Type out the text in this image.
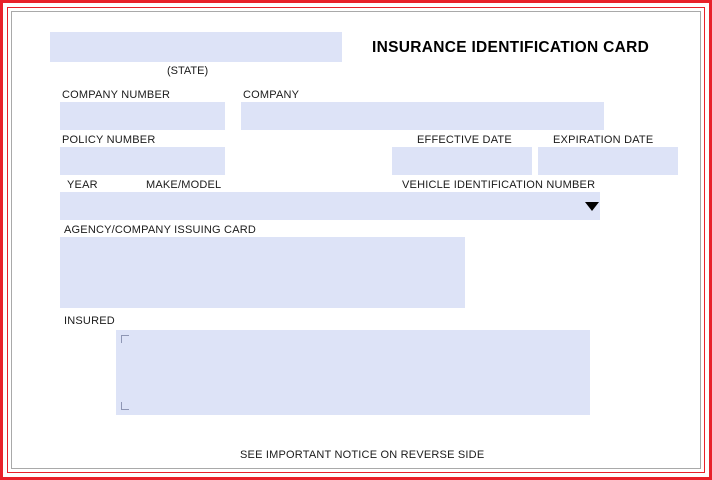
(STATE)
INSURANCE IDENTIFICATION CARD
COMPANY NUMBER	COMPANY
POLICY NUMBER	EFFECTIVE DATE	EXPIRATION DATE
YEAR	MAKE/MODEL	VEHICLE IDENTIFICATION NUMBER
AGENCY/COMPANY ISSUING CARD
INSURED
SEE IMPORTANT NOTICE ON REVERSE SIDE
